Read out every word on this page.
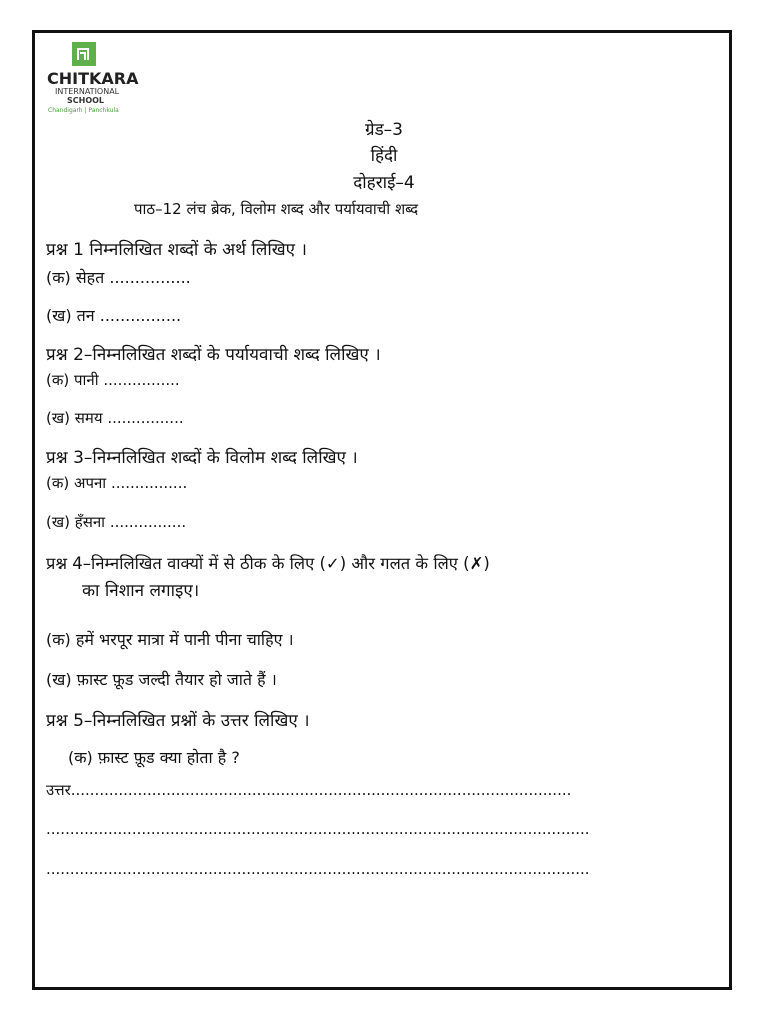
CHITKARA
INTERNATIONAL
SCHOOL
Chandigarh | Panchkula
ग्रेड–3
हिंदी
दोहराई–4
पाठ–12 लंच ब्रेक, विलोम शब्द और पर्यायवाची शब्द
प्रश्न 1 निम्नलिखित शब्दों के अर्थ लिखिए ।
(क) सेहत ................
(ख) तन ................
प्रश्न 2–निम्नलिखित शब्दों के पर्यायवाची शब्द लिखिए ।
(क) पानी ................
(ख) समय ................
प्रश्न 3–निम्नलिखित शब्दों के विलोम शब्द लिखिए ।
(क) अपना ................
(ख) हँसना ................
प्रश्न 4–निम्नलिखित वाक्यों में से ठीक के लिए (✓) और गलत के लिए (✗)
का निशान लगाइए।
(क) हमें भरपूर मात्रा में पानी पीना चाहिए ।
(ख) फ़ास्ट फ़ूड जल्दी तैयार हो जाते हैं ।
प्रश्न 5–निम्नलिखित प्रश्नों के उत्तर लिखिए ।
(क) फ़ास्ट फ़ूड क्या होता है ?
उत्तर.........................................................................................................
..................................................................................................................
..................................................................................................................
